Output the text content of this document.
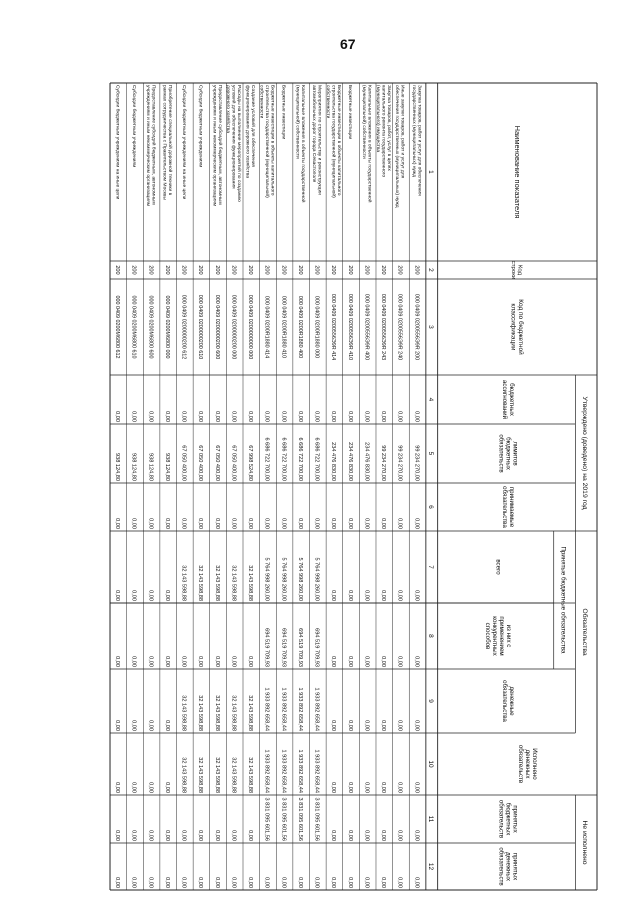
67
Наименование показателя
Код
строки
Код по бюджетной
классификации
Утверждено (доведено) на 2019 год
бюджетных
ассигнований
лимитов
бюджетных
обязательств
принимаемые
обязательства
Обязательства
Принятые бюджетные обязательства
всего
из них с
применением
конкурентных
способов
денежные
обязательства
Исполнено
денежных
обязательств
Не исполнено
принятых
бюджетных
обязательств
принятых
денежных
обязательств
1
2
3
4
5
6
7
8
9
10
11
12
Закупка товаров, работ и услуг для обеспечения
государственных (муниципальных) нужд
200
000 0409 0200556Э9R 200
0,00
99 234 270,00
0,00
0,00
0,00
0,00
0,00
0,00
0,00
Иные закупки товаров, работ и услуг для
обеспечения государственных (муниципальных) нужд
200
000 0409 0200556Э9R 240
0,00
99 234 270,00
0,00
0,00
0,00
0,00
0,00
0,00
0,00
Закупка товаров, работ, услуг в целях
капитального ремонта государственного
(муниципального) имущества
200
000 0409 0200556Э9R 243
0,00
99 234 270,00
0,00
0,00
0,00
0,00
0,00
0,00
0,00
Капитальные вложения в объекты государственной
(муниципальной) собственности
200
000 0409 0200556Э9R 400
0,00
234 476 830,00
0,00
0,00
0,00
0,00
0,00
0,00
0,00
Бюджетные инвестиции
200
000 0409 0200556Э9R 410
0,00
234 476 830,00
0,00
0,00
0,00
0,00
0,00
0,00
0,00
Бюджетные инвестиции в объекты капитального
строительства государственной (муниципальной)
собственности
200
000 0409 0200556Э9R 414
0,00
234 476 830,00
0,00
0,00
0,00
0,00
0,00
0,00
0,00
Мероприятия по строительству и реконструкции
автомобильных дорог города Севастополя
200
000 0409 0200R1880 000
0,00
6 686 722 700,00
0,00
5 764 998 260,00
694 519 709,93
1 933 892 658,44
1 933 892 658,44
3 831 095 601,56
0,00
Капитальные вложения в объекты государственной
(муниципальной) собственности
200
000 0409 0200R1880 400
0,00
6 686 722 700,00
0,00
5 764 998 260,00
694 519 709,93
1 933 892 658,44
1 933 892 658,44
3 831 095 601,56
0,00
Бюджетные инвестиции
200
000 0409 0200R1880 410
0,00
6 686 722 700,00
0,00
5 764 998 260,00
694 519 709,93
1 933 892 658,44
1 933 892 658,44
3 831 095 601,56
0,00
Бюджетные инвестиции в объекты капитального
строительства государственной (муниципальной)
собственности
200
000 0409 0200R1880 414
0,00
6 686 722 700,00
0,00
5 764 998 260,00
694 519 709,93
1 933 892 658,44
1 933 892 658,44
3 831 095 601,56
0,00
Создание условий для обеспечения
функционирования дорожного хозяйства
200
000 0409 0200000000 000
0,00
67 998 524,80
0,00
32 143 598,88
0,00
32 143 598,88
32 143 598,88
0,00
0,00
Расходы на выполнение мероприятий по созданию
условий для обеспечения функционирования
дорожного хозяйства
200
000 0409 0200000200 000
0,00
67 050 400,00
0,00
32 143 598,88
0,00
32 143 598,88
32 143 598,88
0,00
0,00
Предоставление субсидий бюджетным, автономным
учреждениям и иным некоммерческим организациям
200
000 0409 0200000200 600
0,00
67 050 400,00
0,00
32 143 598,88
0,00
32 143 598,88
32 143 598,88
0,00
0,00
Субсидии бюджетным учреждениям
200
000 0409 0200000200 610
0,00
67 050 400,00
0,00
32 143 598,88
0,00
32 143 598,88
32 143 598,88
0,00
0,00
Субсидии бюджетным учреждениям на иные цели
200
000 0409 0200000200 612
0,00
67 050 400,00
0,00
32 143 598,88
0,00
32 143 598,88
32 143 598,88
0,00
0,00
Приобретение специальной дорожной техники в
рамках сотрудничества с Правительством Москвы
200
000 0409 0200М6800 000
0,00
938 124,80
0,00
0,00
0,00
0,00
0,00
0,00
0,00
Предоставление субсидий бюджетным, автономным
учреждениям и иным некоммерческим организациям
200
000 0409 0200М6800 600
0,00
938 124,80
0,00
0,00
0,00
0,00
0,00
0,00
0,00
Субсидии бюджетным учреждениям
200
000 0409 0200М6800 610
0,00
938 124,80
0,00
0,00
0,00
0,00
0,00
0,00
0,00
Субсидии бюджетным учреждениям на иные цели
200
000 0409 0200М6800 612
0,00
938 124,80
0,00
0,00
0,00
0,00
0,00
0,00
0,00
